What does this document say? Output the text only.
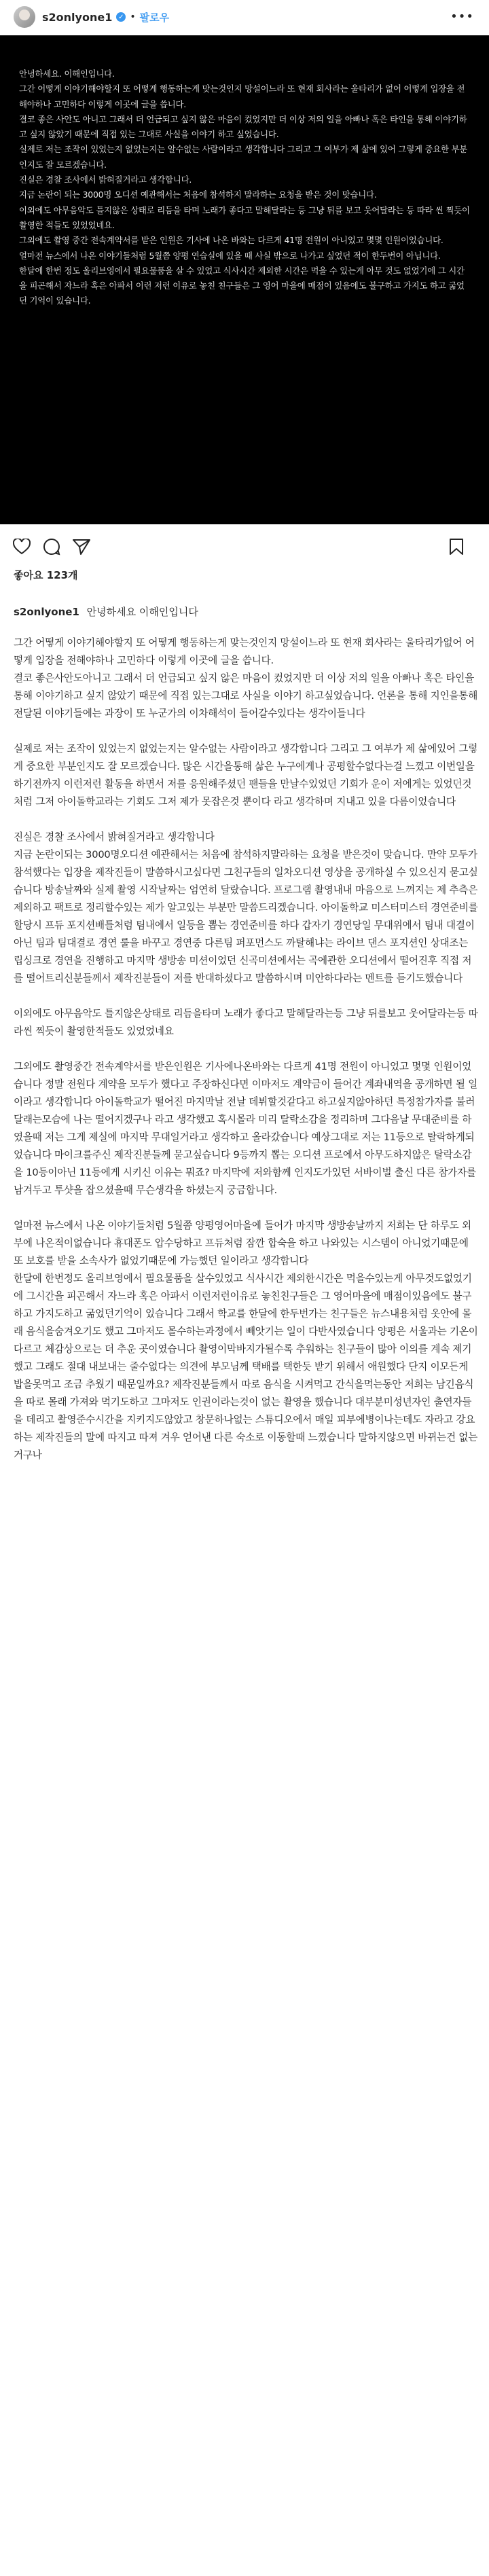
s2onlyone1 ✓ • 팔로우	•••
안녕하세요. 이해인입니다.
그간 어떻게 이야기해야할지 또 어떻게 행동하는게 맞는것인지 망설이느라 또 현재 회사라는 울타리가 없어 어떻게 입장을 전해야하나 고민하다 이렇게 이곳에 글을 씁니다.
결코 좋은 사안도 아니고 그래서 더 언급되고 싶지 않은 마음이 컸었지만 더 이상 저의 일을 아빠나 혹은 타인을 통해 이야기하고 싶지 않았기 때문에 직접 있는 그대로 사실을 이야기 하고 싶었습니다.
실제로 저는 조작이 있었는지 없었는지는 알수없는 사람이라고 생각합니다 그리고 그 여부가 제 삶에 있어 그렇게 중요한 부분인지도 잘 모르겠습니다.
진실은 경찰 조사에서 밝혀질거라고 생각합니다.
지금 논란이 되는 3000명 오디션 예관해서는 처음에 참석하지 말라하는 요청을 받은 것이 맞습니다.
이외에도 아무음악도 틀지않은 상태로 리듬을 타며 노래가 좋다고 말해달라는 등 그냥 뒤를 보고 웃어달라는 등 따라 씬 찍듯이 촬영한 적들도 있었었네요.
그외에도 촬영 중간 전속계약서를 받은 인원은 기사에 나온 바와는 다르게 41명 전원이 아니었고 몇몇 인원이었습니다.
얼마전 뉴스에서 나온 이야기들처럼 5월쯤 양평 연습실에 있을 때 사실 밖으로 나가고 싶었던 적이 한두번이 아닙니다.
한달에 한번 정도 올리브영에서 필요물품을 살 수 있었고 식사시간 제외한 시간은 먹을 수 있는게 아무 것도 없었기에 그 시간을 피곤해서 자느라 혹은 아파서 이런 저런 이유로 놓친 친구들은 그 영어 마을에 매점이 있음에도 불구하고 가지도 하고 굶었던 기억이 있습니다.
좋아요 123개
s2onlyone1 안녕하세요 이해인입니다

그간 어떻게 이야기해야할지 또 어떻게 행동하는게 맞는것인지 망설이느라 또 현재 회사라는 울타리가없어 어떻게 입장을 전해야하나 고민하다 이렇게 이곳에 글을 씁니다.
결코 좋은사안도아니고 그래서 더 언급되고 싶지 않은 마음이 컸었지만 더 이상 저의 일을 아빠나 혹은 타인을통해 이야기하고 싶지 않았기 때문에 직접 있는그대로 사실을 이야기 하고싶었습니다. 언론을 통해 지인을통해 전달된 이야기들에는 과장이 또 누군가의 이차해석이 들어갈수있다는 생각이들니다

실제로 저는 조작이 있었는지 없었는지는 알수없는 사람이라고 생각합니다 그리고 그 여부가 제 삶에있어 그렇게 중요한 부분인지도 잘 모르겠습니다. 많은 시간을통해 삶은 누구에게나 공평할수없다는걸 느꼈고 이번일을 하기전까지 이런저런 활동을 하면서 저를 응원해주셨던 팬들을 만날수있었던 기회가 운이 저에게는 있었던것 처럼 그저 아이돌학교라는 기회도 그저 제가 못잡은것 뿐이다 라고 생각하며 지내고 있을 다름이었습니다

진실은 경찰 조사에서 밝혀질거라고 생각합니다
지금 논란이되는 3000명오디션 예관해서는 처음에 참석하지말라하는 요청을 받은것이 맞습니다. 만약 모두가 참석했다는 입장을 제작진들이 말씀하시고싶다면 그친구들의 일차오디션 영상을 공개하실 수 있으신지 묻고싶습니다 방송날짜와 실제 촬영 시작날짜는 엄연히 달랐습니다. 프로그램 촬영내내 마음으로 느껴지는 제 추측은 제외하고 팩트로 정리할수있는 제가 알고있는 부분만 말씀드리겠습니다. 아이돌학교 미스터미스터 경연준비를 할당시 프듀 포지션배틀처럼 팀내에서 일등을 뽑는 경연준비를 하다 갑자기 경연당일 무대위에서 팀내 대결이아닌 팀과 팀대결로 경연 룰을 바꾸고 경연중 다른팀 퍼포먼스도 까탈해냐는 라이브 댄스 포지션인 상대조는 립싱크로 경연을 진행하고 마지막 생방송 미션이었던 신곡미션에서는 곡에관한 오디션에서 떨어진후 직접 저를 떨어트리신분들께서 제작진분들이 저를 반대하셨다고 말씀하시며 미안하다라는 멘트를 듣기도했습니다

이외에도 아무음악도 틀지않은상태로 리듬을타며 노래가 좋다고 말해달라는등 그냥 뒤를보고 웃어달라는등 따라씬 찍듯이 촬영한적들도 있었었네요

그외에도 촬영중간 전속계약서를 받은인원은 기사에나온바와는 다르게 41명 전원이 아니었고 몇몇 인원이었습니다 정말 전원다 계약을 모두가 했다고 주장하신다면 이마저도 계약금이 들어간 계좌내역을 공개하면 될 일이라고 생각합니다 아이돌학교가 떨어진 마지막날 전날 데뷔할것같다고 하고싶지않아하던 특정참가자를 불러 달래는모습에 나는 떨어지겠구나 라고 생각했고 혹시몰라 미리 탈락소감을 정리하며 그다음날 무대준비를 하였을때 저는 그게 제실에 마지막 무대일거라고 생각하고 올라갔습니다 예상그대로 저는 11등으로 탈락하게되었습니다 마이크를주신 제작진분들께 묻고싶습니다 9등까지 뽑는 오디션 프로에서 아무도하지않은 탈락소감을 10등이아닌 11등에게 시키신 이유는 뭐죠? 마지막에 저와함께 인지도가있던 서바이벌 출신 다른 참가자를 남겨두고 투샷을 잡으셨을때 무슨생각을 하셨는지 궁금합니다.

얼마전 뉴스에서 나온 이야기들처럼 5월쯤 양평영어마을에 들어가 마지막 생방송날까지 저희는 단 하루도 외부에 나온적이없습니다 휴대폰도 압수당하고 프듀처럼 잠깐 합숙을 하고 나와있는 시스템이 아니었기때문에 또 보호를 받을 소속사가 없었기때문에 가능했던 일이라고 생각합니다
한달에 한번정도 올리브영에서 필요물품을 살수있었고 식사시간 제외한시간은 먹을수있는게 아무것도없었기에 그시간을 피곤해서 자느라 혹은 아파서 이런저런이유로 놓친친구들은 그 영어마을에 매점이있음에도 불구하고 가지도하고 굶었던기억이 있습니다 그래서 학교를 한달에 한두번가는 친구들은 뉴스내용처럼 옷안에 몰래 음식을숨겨오기도 했고 그마저도 몰수하는과정에서 빼앗기는 일이 다반사였습니다 양평은 서울과는 기온이다르고 체감상으로는 더 추운 곳이였습니다 촬영이막바지가될수록 추워하는 친구들이 많아 이의를 계속 제기했고 그래도 절대 내보내는 줄수없다는 의견에 부모님께 택배를 택한듯 받기 위해서 애원했다 단지 이모든게 밥을못먹고 조금 추웠기 때문일까요? 제작진분들께서 따로 음식을 시켜먹고 간식을먹는동안 저희는 남긴음식을 따로 몰래 가져와 먹기도하고 그마저도 인권이라는것이 없는 촬영을 했습니다 대부분미성년자인 출연자들을 데리고 촬영준수시간을 지키지도않았고 창문하나없는 스튜디오에서 매일 피부에병이나는데도 자라고 강요하는 제작진들의 말에 따지고 따져 겨우 얻어낸 다른 숙소로 이동할때 느꼈습니다 말하지않으면 바뀌는건 없는거구나
